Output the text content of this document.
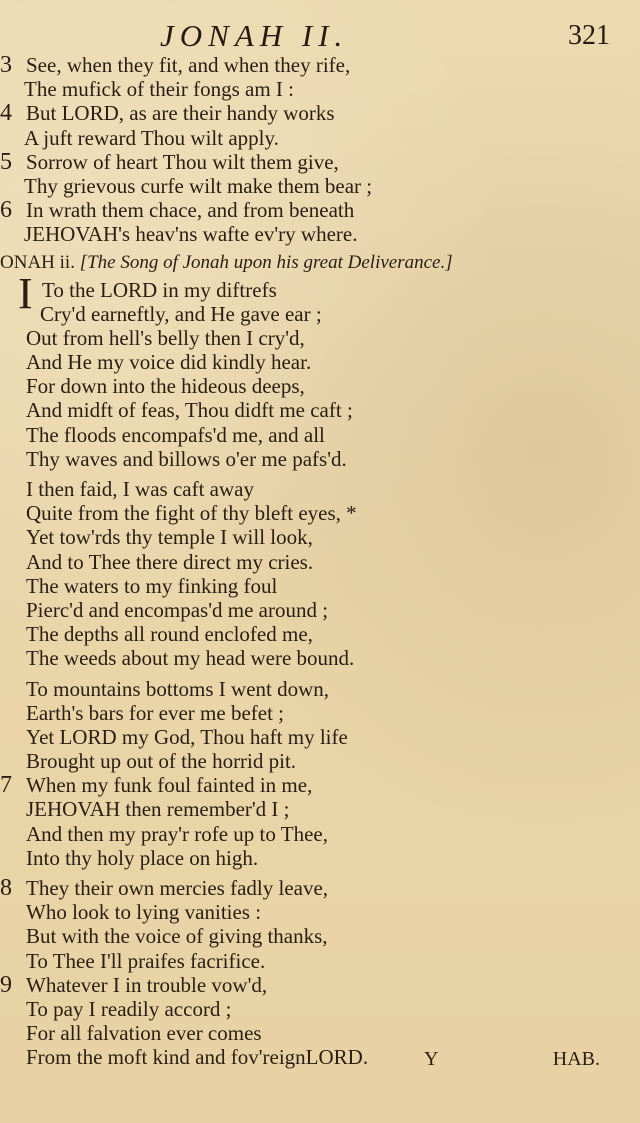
JONAH II.	321
3 See, when they fit, and when they rife,
The mufick of their fongs am I :
4 But LORD, as are their handy works
A juft reward Thou wilt apply.
5 Sorrow of heart Thou wilt them give,
Thy grievous curfe wilt make them bear ;
6 In wrath them chace, and from beneath
JEHOVAH's heav'ns wafte ev'ry where.
ONAH ii. [The Song of Jonah upon his great Deliverance.]
I To the LORD in my diftrefs
Cry'd earneftly, and He gave ear ;
Out from hell's belly then I cry'd,
And He my voice did kindly hear.
For down into the hideous deeps,
And midft of feas, Thou didft me caft ;
The floods encompafs'd me, and all
Thy waves and billows o'er me pafs'd.
I then faid, I was caft away
Quite from the fight of thy bleft eyes, *
Yet tow'rds thy temple I will look,
And to Thee there direct my cries.
The waters to my finking foul
Pierc'd and encompas'd me around ;
The depths all round enclofed me,
The weeds about my head were bound.
To mountains bottoms I went down,
Earth's bars for ever me befet ;
Yet LORD my God, Thou haft my life
Brought up out of the horrid pit.
7 When my funk foul fainted in me,
JEHOVAH then remember'd I ;
And then my pray'r rofe up to Thee,
Into thy holy place on high.
8 They their own mercies fadly leave,
Who look to lying vanities :
But with the voice of giving thanks,
To Thee I'll praifes facrifice.
9 Whatever I in trouble vow'd,
To pay I readily accord ;
For all falvation ever comes
From the moft kind and fov'reignLORD.	Y	HAB.
